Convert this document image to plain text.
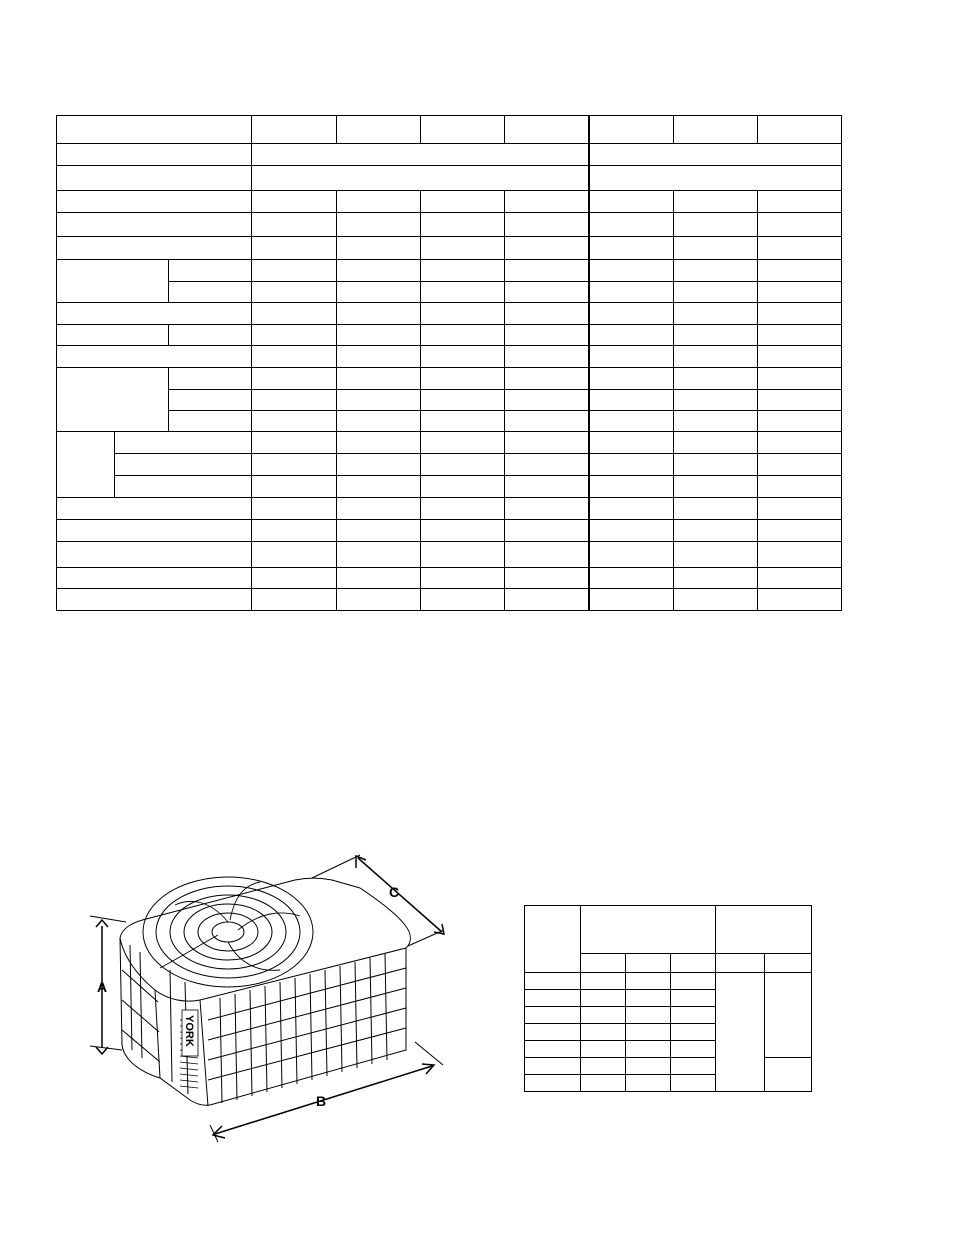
YORK
A
B
C
